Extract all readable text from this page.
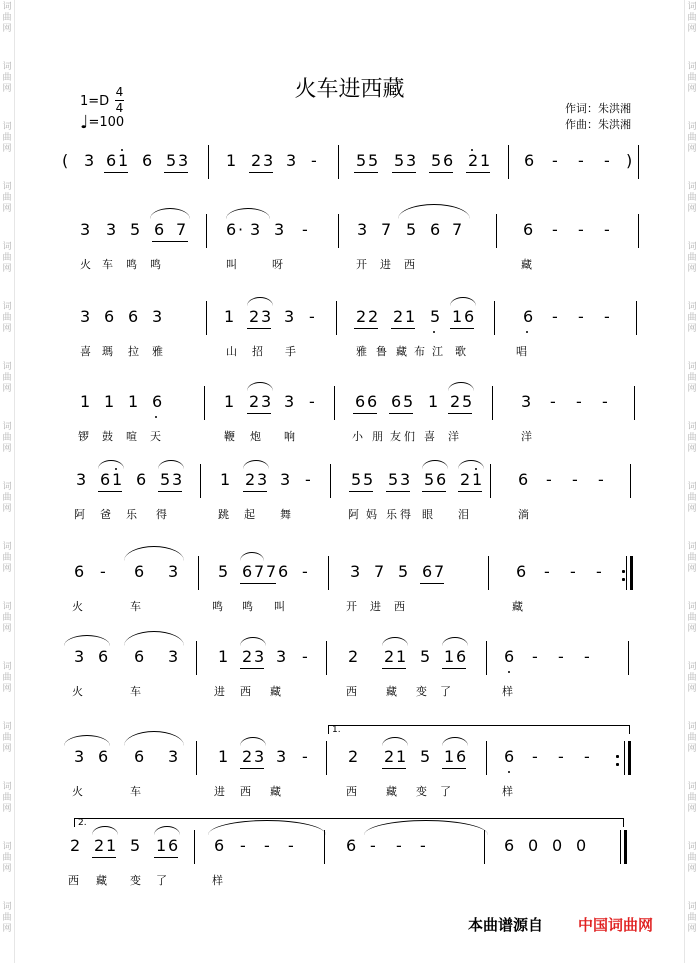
词
曲
网
词
曲
网
词
曲
网
词
曲
网
词
曲
网
词
曲
网
词
曲
网
词
曲
网
词
曲
网
词
曲
网
词
曲
网
词
曲
网
词
曲
网
词
曲
网
词
曲
网
词
曲
网
词
曲
网
词
曲
网
词
曲
网
词
曲
网
词
曲
网
词
曲
网
词
曲
网
词
曲
网
词
曲
网
词
曲
网
词
曲
网
词
曲
网
词
曲
网
词
曲
网
词
曲
网
词
曲
网
火车进西藏
1=D
4
4
♩=100
作词：朱洪湘
作曲：朱洪湘
( 3 6 1 6 5 3 1 2 3 3 - 5 5 5 3 5 6 2 1 6 - - - )
3 3 5 6 7 6 · 3 3 -	3 7 5 6 7	6 - - -
火 车 鸣 鸣	叫	呀	开 进 西	藏
3 6 6 3	1 2 3 3 -	2 2 2 1 5 1 6	6 - - -
喜 瑪 拉 雅	山 招 手	雅 鲁 藏 布 江 歌	唱
1 1 1 6	1 2 3 3 -	6 6 6 5 1 2 5	3 - - -
锣 鼓 喧 天	鞭 炮 响	小 朋 友 们 喜 洋	洋
3 6 1 6 5 3 1 2 3 3 -	5 5 5 3 5 6 2 1 6 - - -
阿 爸 乐 得	跳 起 舞	阿 妈 乐 得 眼 泪	淌
6 - 6 3 5 6 7 7 6 -	3 7 5 6 7	6 - - -
火	车	鸣 鸣 叫	开 进 西	藏
3 6 6 3 1 2 3 3 -	2 2 1 5 1 6 6 - - -
火	车	进 西 藏	西	藏 变 了	样
3 6 6 3 1 2 3 3 -	2 2 1 5 1 6 6 - - -
火	车	进 西 藏	西	藏 变 了	样
2 2 1 5 1 6 6 - - -	6 - - -	6 0 0 0
西 藏 变 了	样
1.
2.
本曲谱源自 中国词曲网
